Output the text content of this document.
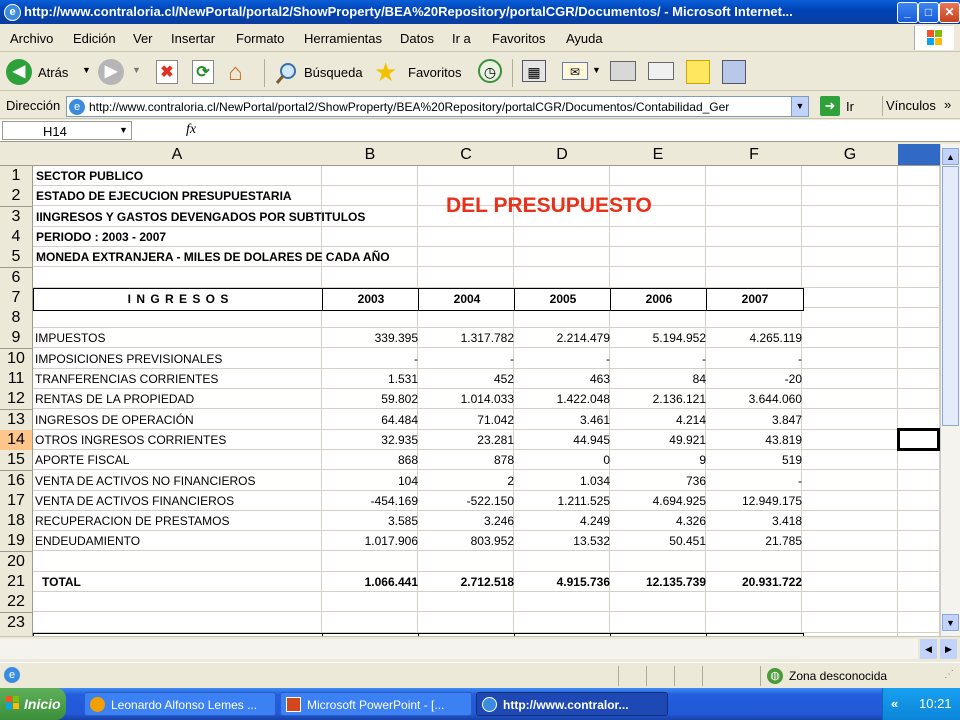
e http://www.contraloria.cl/NewPortal/portal2/ShowProperty/BEA%20Repository/portalCGR/Documentos/ - Microsoft Internet...	_	□	✕
Archivo Edición Ver Insertar Formato Herramientas Datos Ir a Favoritos Ayuda
◀ Atrás ▼ ▶	▼ ✖ ⟳ ⌂	Búsqueda ★ Favoritos	◷	▦	✉	▼
Dirección	e http://www.contraloria.cl/NewPortal/portal2/ShowProperty/BEA%20Repository/portalCGR/Documentos/Contabilidad_Ger	▼	➜ Ir Vínculos »
H14	▼	fx
A	B	C	D	E	F	G
1
2
3
4
5
6
7
8
9
10
11
12
13
14
15
16
17
18
19
20
21
22
23
SECTOR PUBLICO
ESTADO DE EJECUCION PRESUPUESTARIA
IINGRESOS Y GASTOS DEVENGADOS POR SUBTITULOS
PERIODO : 2003 - 2007
MONEDA EXTRANJERA - MILES DE DOLARES DE CADA AÑO
I N G R E S O S	2003	2004	2005	2006	2007
IMPUESTOS	339.395	1.317.782	2.214.479	5.194.952	4.265.119
IMPOSICIONES PREVISIONALES	-	-	-	-	-
TRANFERENCIAS CORRIENTES	1.531	452	463	84	-20
RENTAS DE LA PROPIEDAD	59.802	1.014.033	1.422.048	2.136.121	3.644.060
INGRESOS DE OPERACIÓN	64.484	71.042	3.461	4.214	3.847
OTROS INGRESOS CORRIENTES	32.935	23.281	44.945	49.921	43.819
APORTE FISCAL	868	878	0	9	519
VENTA DE ACTIVOS NO FINANCIEROS	104	2	1.034	736	-
VENTA DE ACTIVOS FINANCIEROS	-454.169	-522.150	1.211.525	4.694.925	12.949.175
RECUPERACION DE PRESTAMOS	3.585	3.246	4.249	4.326	3.418
ENDEUDAMIENTO	1.017.906	803.952	13.532	50.451	21.785
TOTAL	1.066.441	2.712.518	4.915.736	12.135.739	20.931.722
DEL PRESUPUESTO
▲
▼
◀	▶
e	◍ Zona desconocida	⋰
Inicio	Leonardo Alfonso Lemes ...	Microsoft PowerPoint - [...	http://www.contralor...	« 10:21
